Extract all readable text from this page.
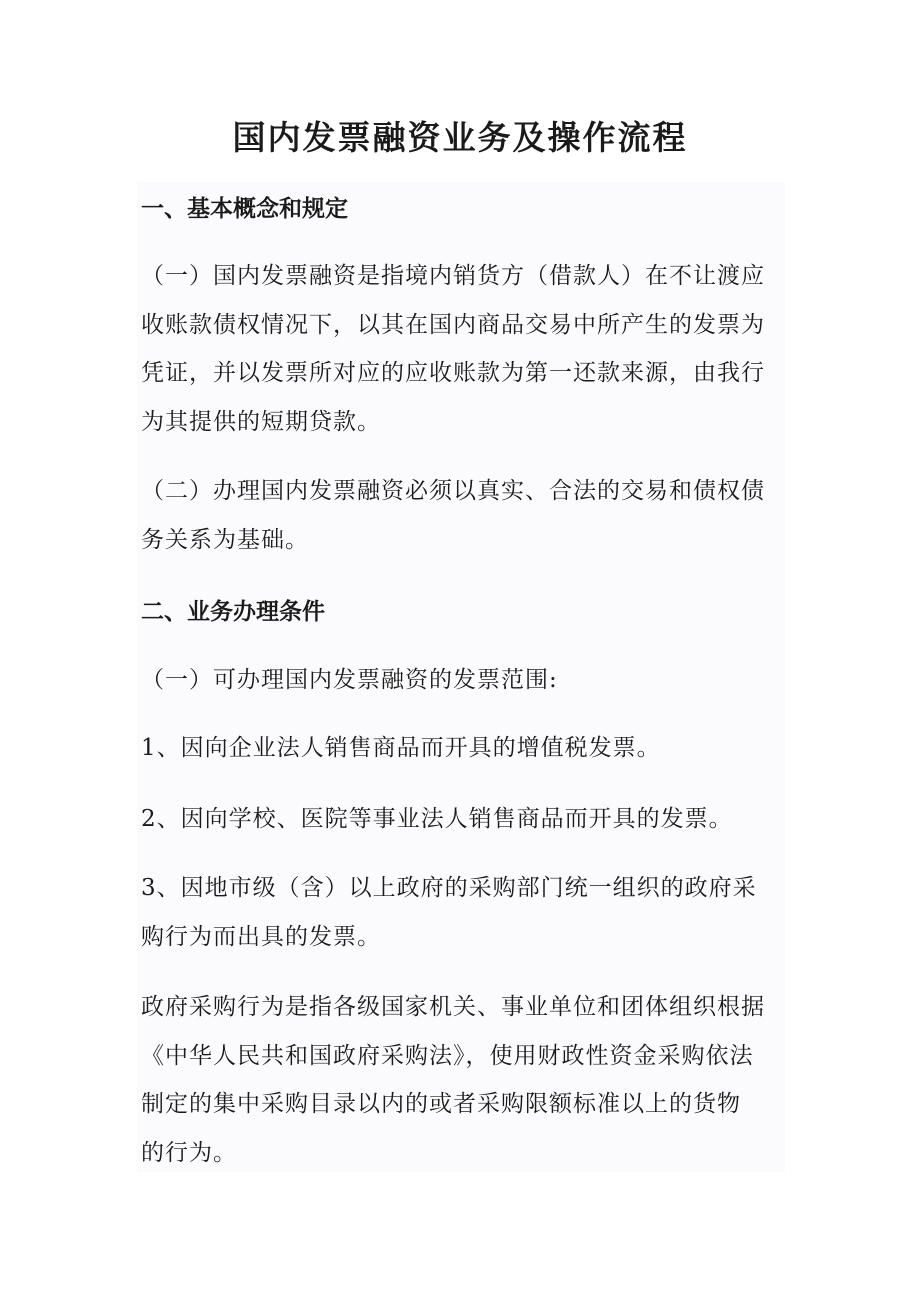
国内发票融资业务及操作流程
一、基本概念和规定

（一）国内发票融资是指境内销货方（借款人）在不让渡应
收账款债权情况下，以其在国内商品交易中所产生的发票为
凭证，并以发票所对应的应收账款为第一还款来源，由我行
为其提供的短期贷款。

（二）办理国内发票融资必须以真实、合法的交易和债权债
务关系为基础。

二、业务办理条件

（一）可办理国内发票融资的发票范围:

1、因向企业法人销售商品而开具的增值税发票。

2、因向学校、医院等事业法人销售商品而开具的发票。

3、因地市级（含）以上政府的采购部门统一组织的政府采
购行为而出具的发票。

政府采购行为是指各级国家机关、事业单位和团体组织根据
《中华人民共和国政府采购法》，使用财政性资金采购依法
制定的集中采购目录以内的或者采购限额标准以上的货物
的行为。
